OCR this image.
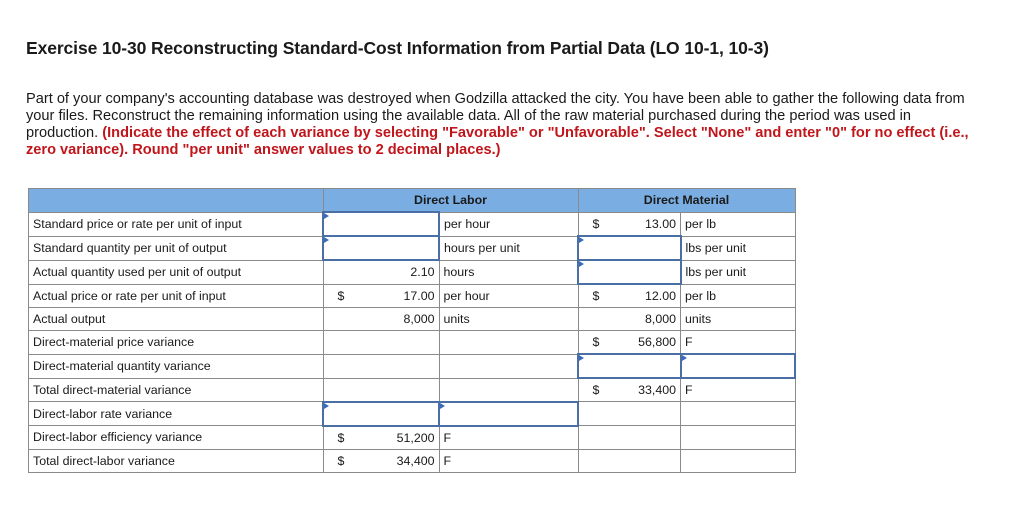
Exercise 10-30 Reconstructing Standard-Cost Information from Partial Data (LO 10-1, 10-3)

Part of your company's accounting database was destroyed when Godzilla attacked the city. You have been able to gather the following data from your files. Reconstruct the remaining information using the available data. All of the raw material purchased during the period was used in production. (Indicate the effect of each variance by selecting "Favorable" or "Unfavorable". Select "None" and enter "0" for no effect (i.e., zero variance). Round "per unit" answer values to 2 decimal places.)

	Direct Labor		Direct Material	
Standard price or rate per unit of input		per hour	$ 13.00	per lb
Standard quantity per unit of output		hours per unit		lbs per unit
Actual quantity used per unit of output	2.10	hours		lbs per unit
Actual price or rate per unit of input	$ 17.00	per hour	$ 12.00	per lb
Actual output	8,000	units	8,000	units
Direct-material price variance			$ 56,800	F
Direct-material quantity variance	

Total direct-material variance			$ 33,400	F
Direct-labor rate variance			

Direct-labor efficiency variance	$ 51,200	F	

Total direct-labor variance	$ 34,400	F	
